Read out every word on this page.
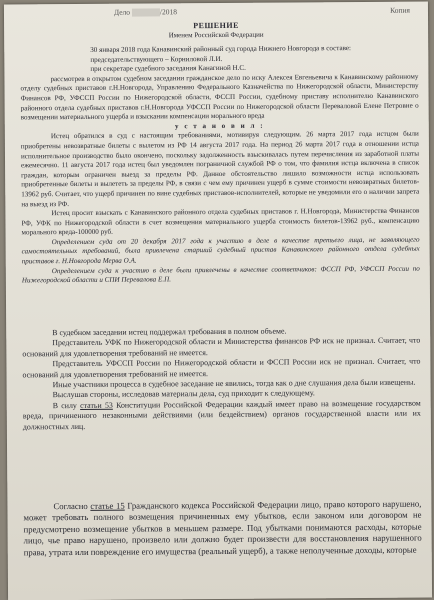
Дело	/2018	Копия
РЕШЕНИЕ
Именем Российской Федерации

30 января 2018 года Канавинский районный суд города Нижнего Новгорода в составе:

председательствующего – Корниловой Л.И.

при секретаре судебного заседания Канагиной Н.С.

рассмотрев в открытом судебном заседании гражданское дело по иску Алексея Евгеньевича к Канавинскому районному отделу судебных приставов г.Н.Новгорода, Управлению Федерального Казначейства по Нижегородской области, Министерству Финансов РФ, УФССП России по Нижегородской области, ФССП России, судебному приставу исполнителю Канавинского районного отдела судебных приставов г.Н.Новгорода УФССП России по Нижегородской области Переваловой Елене Петровне о возмещении материального ущерба и взыскании компенсации морального вреда

у с т а н о в и л :

Истец обратился в суд с настоящим требованиями, мотивируя следующим. 26 марта 2017 года истцом были приобретены невозвратные билеты с вылетом из РФ 14 августа 2017 года. На период 26 марта 2017 года в отношении истца исполнительное производство было окончено, поскольку задолженность взыскивалась путем перечисления из заработной платы ежемесячно. 11 августа 2017 года истец был уведомлен пограничной службой РФ о том, что фамилия истца включена в список граждан, которым ограничен выезд за пределы РФ. Данное обстоятельство лишило возможности истца использовать приобретенные билеты и вылететь за пределы РФ, в связи с чем ему причинен ущерб в сумме стоимости невозвратных билетов- 13962 руб. Считает, что ущерб причинен по вине судебных приставов-исполнителей, которые не уведомили его о наличии запрета на выезд из РФ.

Истец просит взыскать с Канавинского районного отдела судебных приставов г. Н.Новгорода, Министерства Финансов РФ, УФК по Нижегородской области в счет возмещения материального ущерба стоимость билетов-13962 руб., компенсацию морального вреда-100000 руб.

Определением суда от 20 декабря 2017 года к участию в деле в качестве третьего лица, не заявляющего самостоятельных требований, была привлечена старший судебный пристав Канавинского районного отдела судебных приставов г. Н.Новгорода Мерва О.А.

Определением суда к участию в деле были привлечены в качестве соответчиков: ФССП РФ, УФССП России по Нижегородской области и СПИ Перевалова Е.П.

В судебном заседании истец поддержал требования в полном объеме.

Представитель УФК по Нижегородской области и Министерства финансов РФ иск не признал. Считает, что оснований для удовлетворения требований не имеется.

Представитель УФССП России по Нижегородской области и ФССП России иск не признал. Считает, что оснований для удовлетворения требований не имеется.

Иные участники процесса в судебное заседание не явились, тогда как о дне слушания дела были извещены.

Выслушав стороны, исследовав материалы дела, суд приходит к следующему.

В силу статьи 53 Конституции Российской Федерации каждый имеет право на возмещение государством вреда, причиненного незаконными действиями (или бездействием) органов государственной власти или их должностных лиц.

Согласно статье 15 Гражданского кодекса Российской Федерации лицо, право которого нарушено, может требовать полного возмещения причиненных ему убытков, если законом или договором не предусмотрено возмещение убытков в меньшем размере. Под убытками понимаются расходы, которые лицо, чье право нарушено, произвело или должно будет произвести для восстановления нарушенного права, утрата или повреждение его имущества (реальный ущерб), а также неполученные доходы, которые
